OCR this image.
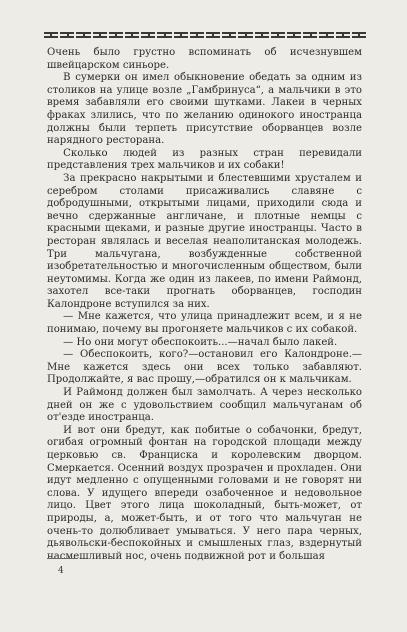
Очень было грустно вспоминать об исчезнувшем швейцарском синьоре.

В сумерки он имел обыкновение обедать за одним из столиков на улице возле „Гамбринуса“, а мальчики в это время забавляли его своими шутками. Лакеи в черных фраках злились, что по желанию одинокого иностранца должны были терпеть присутствие оборванцев возле нарядного ресторана.

Сколько людей из разных стран перевидали представления трех мальчиков и их собаки!

За прекрасно накрытыми и блестевшими хрусталем и серебром столами присаживались славяне с добродушными, открытыми лицами, приходили сюда и вечно сдержанные англичане, и плотные немцы с красными щеками, и разные другие иностранцы. Часто в ресторан являлась и веселая неаполитанская молодежь. Три мальчугана, возбужденные собственной изобретательностью и многочисленным обществом, были неутомимы. Когда же один из лакеев, по имени Раймонд, захотел все-таки прогнать оборванцев, господин Калондроне вступился за них.

— Мне кажется, что улица принадлежит всем, и я не понимаю, почему вы прогоняете мальчиков с их собакой.

— Но они могут обеспокоить...—начал было лакей.

— Обеспокоить, кого?—остановил его Калондроне.—Мне кажется здесь они всех только забавляют. Продолжайте, я вас прошу,—обратился он к мальчикам.

И Раймонд должен был замолчать. А через несколько дней он же с удовольствием сообщил мальчуганам об от'езде иностранца.

И вот они бредут, как побитые о собачонки, бредут, огибая огромный фонтан на городской площади между церковью св. Франциска и королевским дворцом. Смеркается. Осенний воздух прозрачен и прохладен. Они идут медленно с опущенными головами и не говорят ни слова. У идущего впереди озабоченное и недовольное лицо. Цвет этого лица шоколадный, быть-может, от природы, а, может-быть, и от того что мальчуган не очень-то долюбливает умываться. У него пара черных, дьявольски-беспокойных и смышленых глаз, вздернутый насмешливый нос, очень подвижной рот и большая

4
